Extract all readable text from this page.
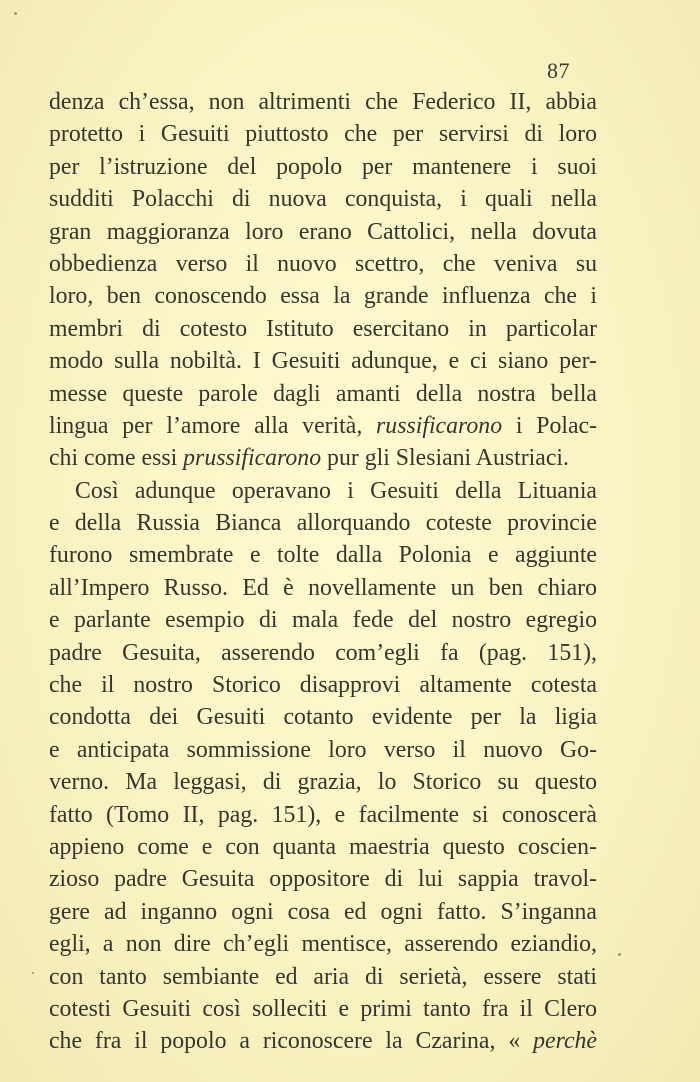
87
denza ch’essa, non altrimenti che Federico II, abbia
protetto i Gesuiti piuttosto che per servirsi di loro
per l’istruzione del popolo per mantenere i suoi
sudditi Polacchi di nuova conquista, i quali nella
gran maggioranza loro erano Cattolici, nella dovuta
obbedienza verso il nuovo scettro, che veniva su
loro, ben conoscendo essa la grande influenza che i
membri di cotesto Istituto esercitano in particolar
modo sulla nobiltà. I Gesuiti adunque, e ci siano per-
messe queste parole dagli amanti della nostra bella
lingua per l’amore alla verità, russificarono i Polac-
chi come essi prussificarono pur gli Slesiani Austriaci.
Così adunque operavano i Gesuiti della Lituania
e della Russia Bianca allorquando coteste provincie
furono smembrate e tolte dalla Polonia e aggiunte
all’Impero Russo. Ed è novellamente un ben chiaro
e parlante esempio di mala fede del nostro egregio
padre Gesuita, asserendo com’egli fa (pag. 151),
che il nostro Storico disapprovi altamente cotesta
condotta dei Gesuiti cotanto evidente per la ligia
e anticipata sommissione loro verso il nuovo Go-
verno. Ma leggasi, di grazia, lo Storico su questo
fatto (Tomo II, pag. 151), e facilmente si conoscerà
appieno come e con quanta maestria questo coscien-
zioso padre Gesuita oppositore di lui sappia travol-
gere ad inganno ogni cosa ed ogni fatto. S’inganna
egli, a non dire ch’egli mentisce, asserendo eziandio,
con tanto sembiante ed aria di serietà, essere stati
cotesti Gesuiti così solleciti e primi tanto fra il Clero
che fra il popolo a riconoscere la Czarina, « perchè
